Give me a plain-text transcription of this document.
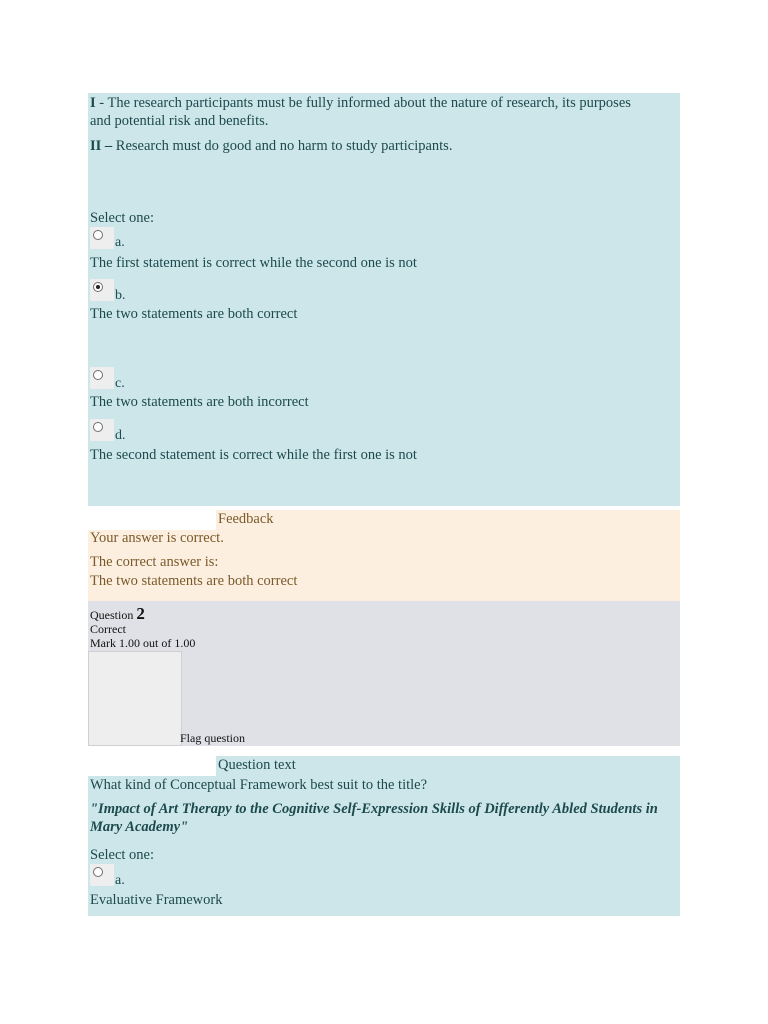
I - The research participants must be fully informed about the nature of research, its purposes
and potential risk and benefits.
II – Research must do good and no harm to study participants.
Select one:
a.
The first statement is correct while the second one is not
b.
The two statements are both correct
c.
The two statements are both incorrect
d.
The second statement is correct while the first one is not
Feedback
Your answer is correct.
The correct answer is:
The two statements are both correct
Question 2
Correct
Mark 1.00 out of 1.00
Flag question
Question text
What kind of Conceptual Framework best suit to the title?
"Impact of Art Therapy to the Cognitive Self-Expression Skills of Differently Abled Students in Mary Academy"
Select one:
a.
Evaluative Framework
